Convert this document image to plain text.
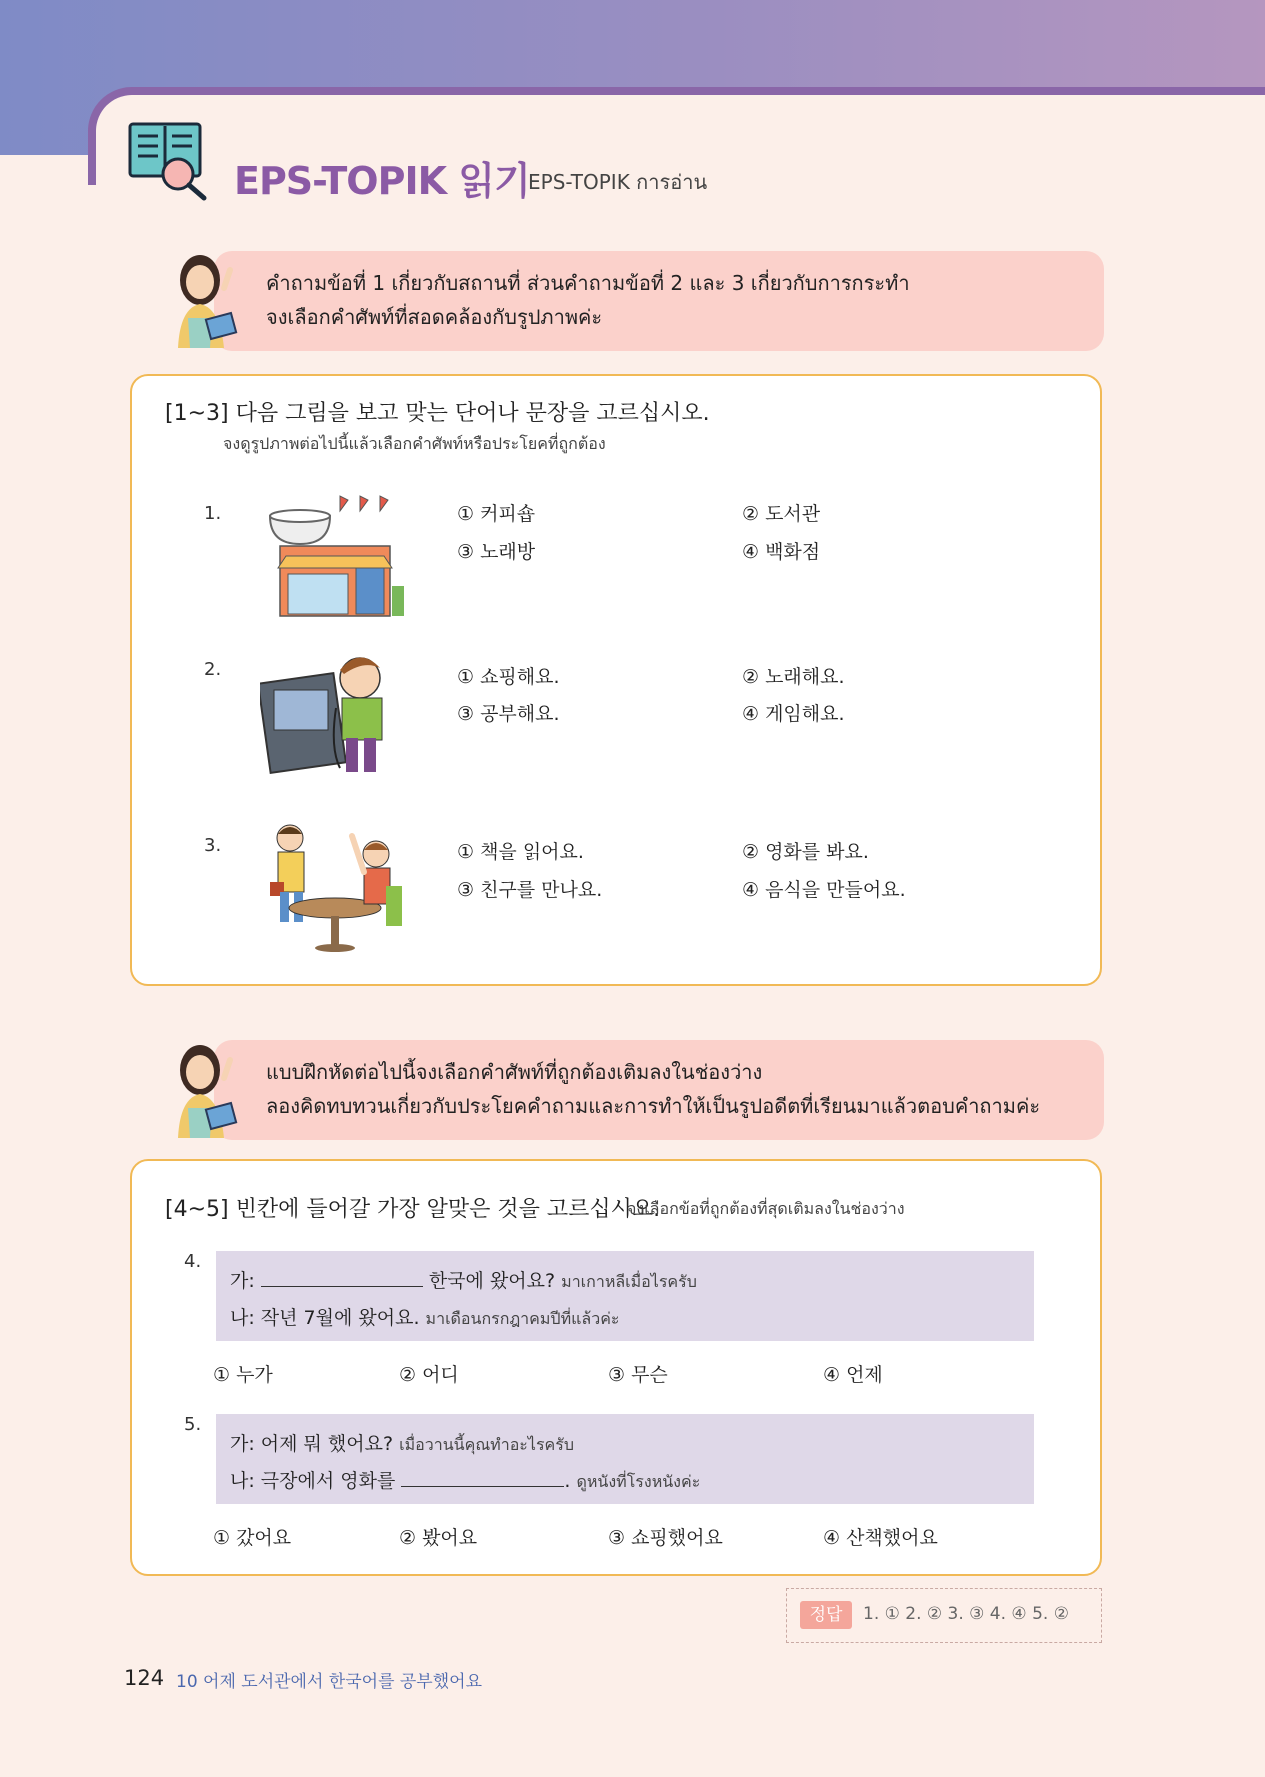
EPS-TOPIK 읽기
EPS-TOPIK การอ่าน

คำถามข้อที่ 1 เกี่ยวกับสถานที่ ส่วนคำถามข้อที่ 2 และ 3 เกี่ยวกับการกระทำ

จงเลือกคำศัพท์ที่สอดคล้องกับรูปภาพค่ะ

[1~3] 다음 그림을 보고 맞는 단어나 문장을 고르십시오.
จงดูรูปภาพต่อไปนี้แล้วเลือกคำศัพท์หรือประโยคที่ถูกต้อง
1.	① 커피숍	② 도서관
③ 노래방	④ 백화점
2.	① 쇼핑해요.	② 노래해요.
③ 공부해요.	④ 게임해요.
3.	① 책을 읽어요.	② 영화를 봐요.
③ 친구를 만나요.	④ 음식을 만들어요.

แบบฝึกหัดต่อไปนี้จงเลือกคำศัพท์ที่ถูกต้องเติมลงในช่องว่าง

ลองคิดทบทวนเกี่ยวกับประโยคคำถามและการทำให้เป็นรูปอดีตที่เรียนมาแล้วตอบคำถามค่ะ

[4~5] 빈칸에 들어갈 가장 알맞은 것을 고르십시오.
จงเลือกข้อที่ถูกต้องที่สุดเติมลงในช่องว่าง
4.
가:	한국에 왔어요? มาเกาหลีเมื่อไรครับ
나: 작년 7월에 왔어요. มาเดือนกรกฎาคมปีที่แล้วค่ะ
① 누가	② 어디	③ 무슨	④ 언제
5.
가: 어제 뭐 했어요? เมื่อวานนี้คุณทำอะไรครับ
나: 극장에서 영화를	. ดูหนังที่โรงหนังค่ะ
① 갔어요	② 봤어요	③ 쇼핑했어요	④ 산책했어요
정답	1. ① 2. ② 3. ③ 4. ④ 5. ②
124 10 어제 도서관에서 한국어를 공부했어요
